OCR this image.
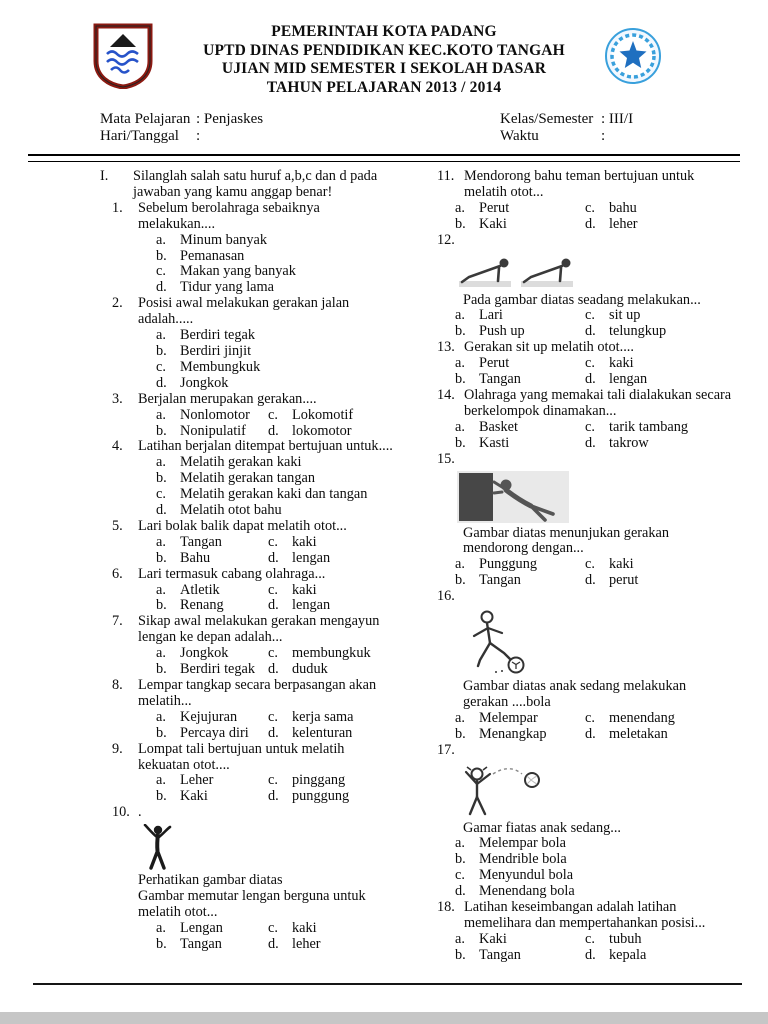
PEMERINTAH KOTA PADANG
UPTD DINAS PENDIDIKAN KEC.KOTO TANGAH
UJIAN MID SEMESTER I SEKOLAH DASAR
TAHUN PELAJARAN 2013 / 2014
Mata Pelajaran : Penjaskes
Hari/Tanggal	:
Kelas/Semester : III/I
Waktu	:
I.	Silanglah salah satu huruf a,b,c dan d pada jawaban yang kamu anggap benar!
1.	Sebelum berolahraga sebaiknya melakukan....
a. Minum banyak
b. Pemanasan
c. Makan yang banyak
d. Tidur yang lama
2.	Posisi awal melakukan gerakan jalan adalah.....
a. Berdiri tegak
b. Berdiri jinjit
c. Membungkuk
d. Jongkok
3.	Berjalan merupakan gerakan....
a. Nonlomotor c. Lokomotif
b. Nonipulatif d. lokomotor
4.	Latihan berjalan ditempat bertujuan untuk....
a. Melatih gerakan kaki
b. Melatih gerakan tangan
c. Melatih gerakan kaki dan tangan
d. Melatih otot bahu
5.	Lari bolak balik dapat melatih otot...
a. Tangan	c. kaki
b. Bahu	d. lengan
6.	Lari termasuk cabang olahraga...
a. Atletik	c. kaki
b. Renang	d. lengan
7.	Sikap awal melakukan gerakan mengayun lengan ke depan adalah...
a. Jongkok	c. membungkuk
b. Berdiri tegak d. duduk
8.	Lempar tangkap secara berpasangan akan melatih...
a. Kejujuran c. kerja sama
b. Percaya diri d. kelenturan
9.	Lompat tali bertujuan untuk melatih kekuatan otot....
a. Leher	c. pinggang
b. Kaki	d. punggung
10. .
Perhatikan gambar diatas
Gambar memutar lengan berguna untuk melatih otot...
a. Lengan	c. kaki
b. Tangan	d. leher
11. Mendorong bahu teman bertujuan untuk melatih otot...
a. Perut	c. bahu
b. Kaki	d. leher
12.
Pada gambar diatas seadang melakukan...
a. Lari	c. sit up
b. Push up	d. telungkup
13. Gerakan sit up melatih otot....
a. Perut	c. kaki
b. Tangan	d. lengan
14. Olahraga yang memakai tali dialakukan secara berkelompok dinamakan...
a. Basket	c. tarik tambang
b. Kasti	d. takrow
15.
Gambar diatas menunjukan gerakan mendorong dengan...
a. Punggung	c. kaki
b. Tangan	d. perut
16.
Gambar diatas anak sedang melakukan gerakan ....bola
a. Melempar	c. menendang
b. Menangkap	d. meletakan
17.
Gamar fiatas anak sedang...
a. Melempar bola
b. Mendrible bola
c. Menyundul bola
d. Menendang bola
18. Latihan keseimbangan adalah latihan memelihara dan mempertahankan posisi...
a. Kaki	c. tubuh
b. Tangan	d. kepala
